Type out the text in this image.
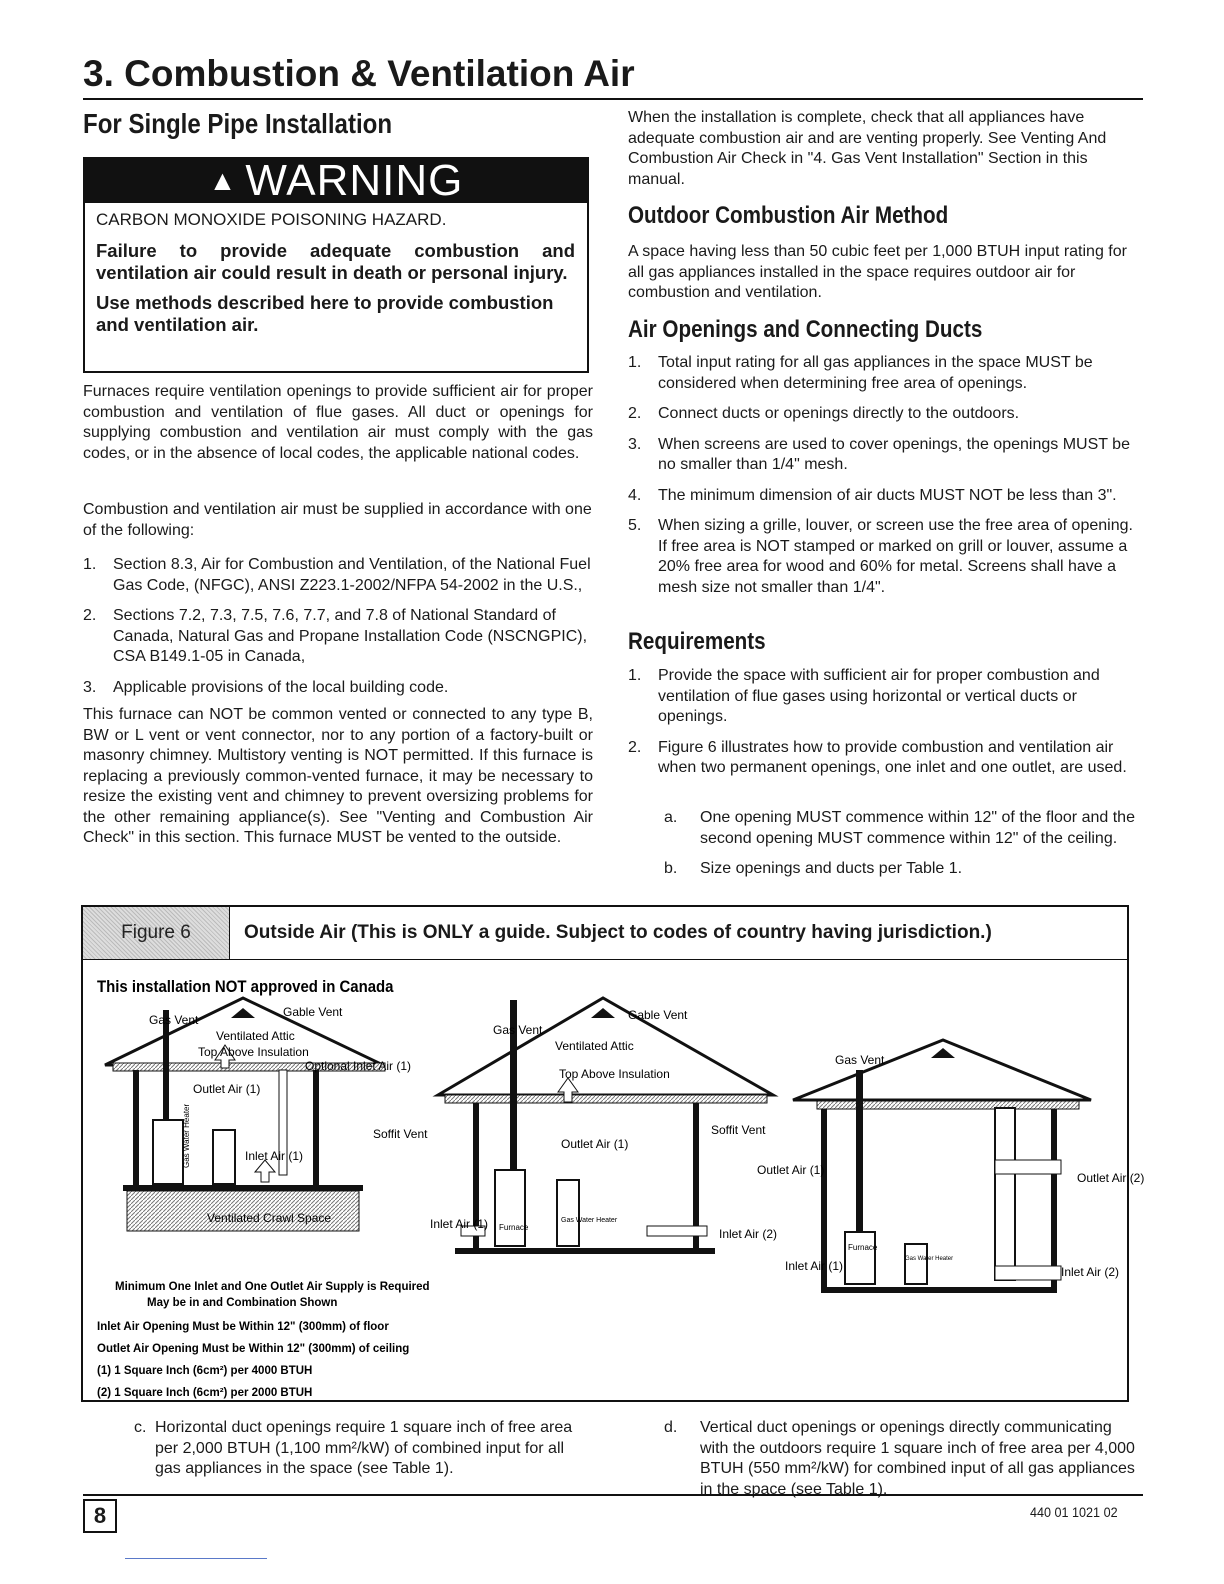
3. Combustion & Ventilation Air
For Single Pipe Installation
▲ WARNING

CARBON MONOXIDE POISONING HAZARD.

Failure to provide adequate combustion and ventilation air could result in death or personal injury.

Use methods described here to provide combustion and ventilation air.

Furnaces require ventilation openings to provide sufficient air for proper combustion and ventilation of flue gases. All duct or openings for supplying combustion and ventilation air must comply with the gas codes, or in the absence of local codes, the applicable national codes.
Combustion and ventilation air must be supplied in accordance with one of the following:
1. Section 8.3, Air for Combustion and Ventilation, of the National Fuel Gas Code, (NFGC), ANSI Z223.1-2002/NFPA 54-2002 in the U.S.,
2. Sections 7.2, 7.3, 7.5, 7.6, 7.7, and 7.8 of National Standard of Canada, Natural Gas and Propane Installation Code (NSCNGPIC), CSA B149.1-05 in Canada,
3. Applicable provisions of the local building code.
This furnace can NOT be common vented or connected to any type B, BW or L vent or vent connector, nor to any portion of a factory-built or masonry chimney. Multistory venting is NOT permitted. If this furnace is replacing a previously common-vented furnace, it may be necessary to resize the existing vent and chimney to prevent oversizing problems for the other remaining appliance(s). See "Venting and Combustion Air Check" in this section. This furnace MUST be vented to the outside.
When the installation is complete, check that all appliances have adequate combustion air and are venting properly. See Venting And Combustion Air Check in "4. Gas Vent Installation" Section in this manual.
Outdoor Combustion Air Method
A space having less than 50 cubic feet per 1,000 BTUH input rating for all gas appliances installed in the space requires outdoor air for combustion and ventilation.
Air Openings and Connecting Ducts
1. Total input rating for all gas appliances in the space MUST be considered when determining free area of openings.
2. Connect ducts or openings directly to the outdoors.
3. When screens are used to cover openings, the openings MUST be no smaller than 1/4" mesh.
4. The minimum dimension of air ducts MUST NOT be less than 3".
5. When sizing a grille, louver, or screen use the free area of opening. If free area is NOT stamped or marked on grill or louver, assume a 20% free area for wood and 60% for metal. Screens shall have a mesh size not smaller than 1/4".
Requirements
1. Provide the space with sufficient air for proper combustion and ventilation of flue gases using horizontal or vertical ducts or openings.
2. Figure 6 illustrates how to provide combustion and ventilation air when two permanent openings, one inlet and one outlet, are used.
a. One opening MUST commence within 12" of the floor and the second opening MUST commence within 12" of the ceiling.
b. Size openings and ducts per Table 1.
Figure 6	Outside Air (This is ONLY a guide. Subject to codes of country having jurisdiction.)
This installation NOT approved in Canada
Gas Vent
Gable Vent
Ventilated Attic
Top Above Insulation
Optional Inlet Air (1)
Outlet Air (1)
Soffit Vent
Inlet Air (1)
Ventilated Crawl Space
Gas Water Heater
Gas Vent
Gable Vent
Ventilated Attic
Top Above Insulation
Outlet Air (1)
Soffit Vent
Inlet Air (1) Furnace
Gas Water Heater
Inlet Air (2)
Gas Vent
Outlet Air (1)
Outlet Air (2)
Inlet Air (1)	Inlet Air (2)
Furnace
Gas Water Heater
Minimum One Inlet and One Outlet Air Supply is Required
May be in and Combination Shown
Inlet Air Opening Must be Within 12" (300mm) of floor
Outlet Air Opening Must be Within 12" (300mm) of ceiling
(1) 1 Square Inch (6cm²) per 4000 BTUH
(2) 1 Square Inch (6cm²) per 2000 BTUH
c. Horizontal duct openings require 1 square inch of free area per 2,000 BTUH (1,100 mm²/kW) of combined input for all gas appliances in the space (see Table 1).
d. Vertical duct openings or openings directly communicating with the outdoors require 1 square inch of free area per 4,000 BTUH (550 mm²/kW) for combined input of all gas appliances in the space (see Table 1).
8	440 01 1021 02
